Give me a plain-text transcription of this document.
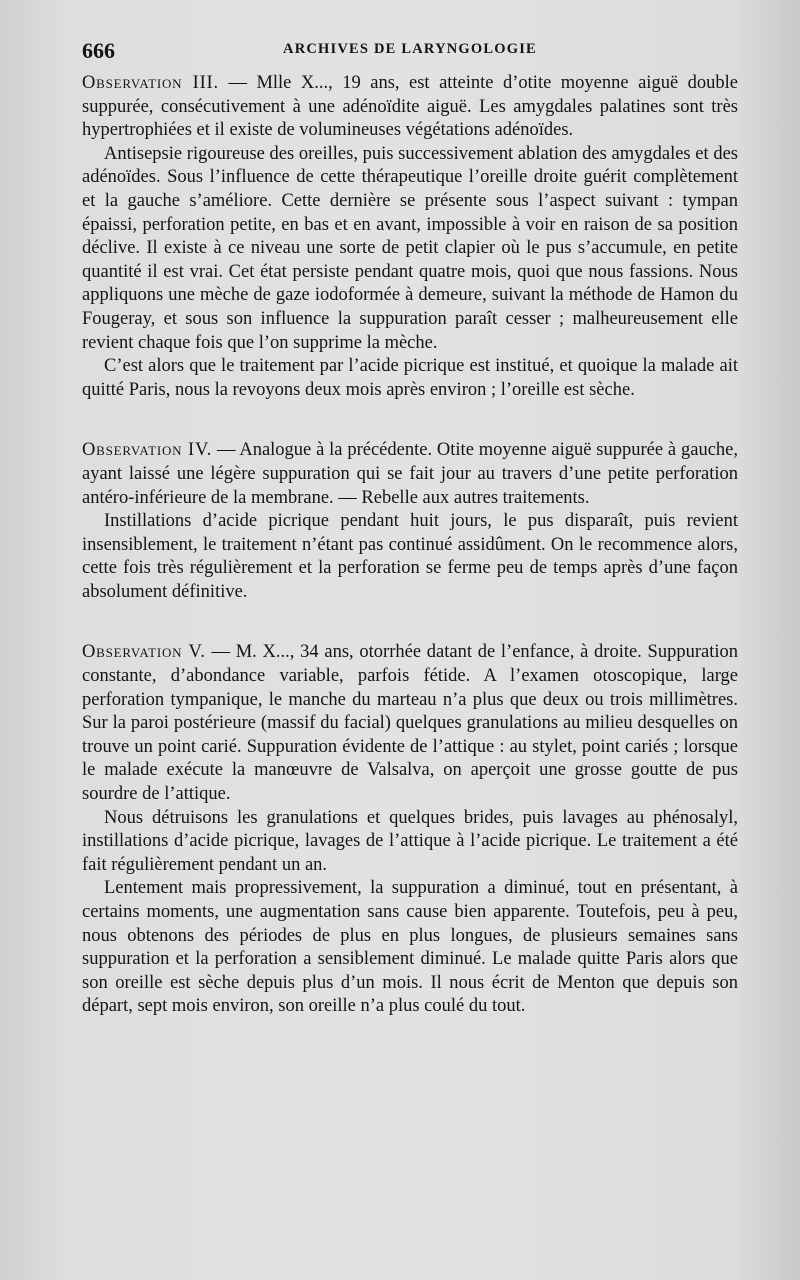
666	ARCHIVES DE LARYNGOLOGIE

Observation III. — Mlle X..., 19 ans, est atteinte d’otite moyenne aiguë double suppurée, consécutivement à une adénoïdite aiguë. Les amygdales palatines sont très hypertrophiées et il existe de volumineuses végétations adénoïdes.

Antisepsie rigoureuse des oreilles, puis successivement ablation des amygdales et des adénoïdes. Sous l’influence de cette thérapeutique l’oreille droite guérit complètement et la gauche s’améliore. Cette dernière se présente sous l’aspect suivant : tympan épaissi, perforation petite, en bas et en avant, impossible à voir en raison de sa position déclive. Il existe à ce niveau une sorte de petit clapier où le pus s’accumule, en petite quantité il est vrai. Cet état persiste pendant quatre mois, quoi que nous fassions. Nous appliquons une mèche de gaze iodoformée à demeure, suivant la méthode de Hamon du Fougeray, et sous son influence la suppuration paraît cesser ; malheureusement elle revient chaque fois que l’on supprime la mèche.

C’est alors que le traitement par l’acide picrique est institué, et quoique la malade ait quitté Paris, nous la revoyons deux mois après environ ; l’oreille est sèche.

Observation IV. — Analogue à la précédente. Otite moyenne aiguë suppurée à gauche, ayant laissé une légère suppuration qui se fait jour au travers d’une petite perforation antéro-inférieure de la membrane. — Rebelle aux autres traitements.

Instillations d’acide picrique pendant huit jours, le pus disparaît, puis revient insensiblement, le traitement n’étant pas continué assidûment. On le recommence alors, cette fois très régulièrement et la perforation se ferme peu de temps après d’une façon absolument définitive.

Observation V. — M. X..., 34 ans, otorrhée datant de l’enfance, à droite. Suppuration constante, d’abondance variable, parfois fétide. A l’examen otoscopique, large perforation tympanique, le manche du marteau n’a plus que deux ou trois millimètres. Sur la paroi postérieure (massif du facial) quelques granulations au milieu desquelles on trouve un point carié. Suppuration évidente de l’attique : au stylet, point cariés ; lorsque le malade exécute la manœuvre de Valsalva, on aperçoit une grosse goutte de pus sourdre de l’attique.

Nous détruisons les granulations et quelques brides, puis lavages au phénosalyl, instillations d’acide picrique, lavages de l’attique à l’acide picrique. Le traitement a été fait régulièrement pendant un an.

Lentement mais propressivement, la suppuration a diminué, tout en présentant, à certains moments, une augmentation sans cause bien apparente. Toutefois, peu à peu, nous obtenons des périodes de plus en plus longues, de plusieurs semaines sans suppuration et la perforation a sensiblement diminué. Le malade quitte Paris alors que son oreille est sèche depuis plus d’un mois. Il nous écrit de Menton que depuis son départ, sept mois environ, son oreille n’a plus coulé du tout.
